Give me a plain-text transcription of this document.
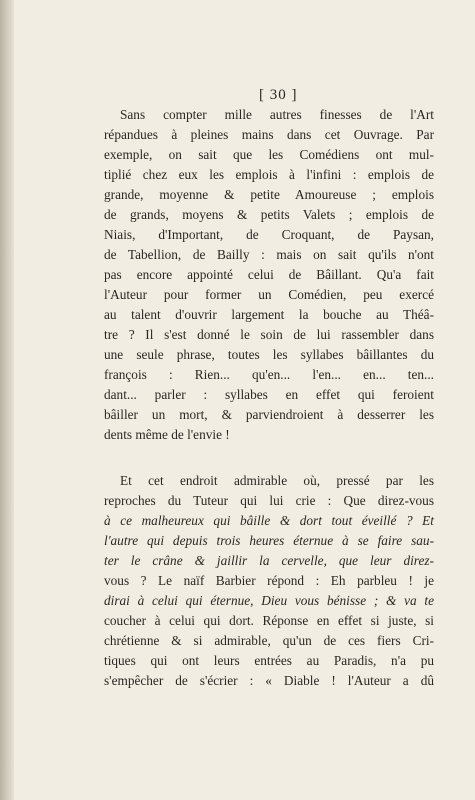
[ 30 ]
Sans compter mille autres finesses de l'Art
répandues à pleines mains dans cet Ouvrage. Par
exemple, on sait que les Comédiens ont mul-
tiplié chez eux les emplois à l'infini : emplois de
grande, moyenne & petite Amoureuse ; emplois
de grands, moyens & petits Valets ; emplois de
Niais, d'Important, de Croquant, de Paysan,
de Tabellion, de Bailly : mais on sait qu'ils n'ont
pas encore appointé celui de Bâillant. Qu'a fait
l'Auteur pour former un Comédien, peu exercé
au talent d'ouvrir largement la bouche au Théâ-
tre ? Il s'est donné le soin de lui rassembler dans
une seule phrase, toutes les syllabes bâillantes du
françois : Rien... qu'en... l'en... en... ten...
dant... parler : syllabes en effet qui feroient
bâiller un mort, & parviendroient à desserrer les
dents même de l'envie !
Et cet endroit admirable où, pressé par les
reproches du Tuteur qui lui crie : Que direz-vous
à ce malheureux qui bâille & dort tout éveillé ? Et
l'autre qui depuis trois heures éternue à se faire sau-
ter le crâne & jaillir la cervelle, que leur direz-
vous ? Le naïf Barbier répond : Eh parbleu ! je
dirai à celui qui éternue, Dieu vous bénisse ; & va te
coucher à celui qui dort. Réponse en effet si juste, si
chrétienne & si admirable, qu'un de ces fiers Cri-
tiques qui ont leurs entrées au Paradis, n'a pu
s'empêcher de s'écrier : « Diable ! l'Auteur a dû
